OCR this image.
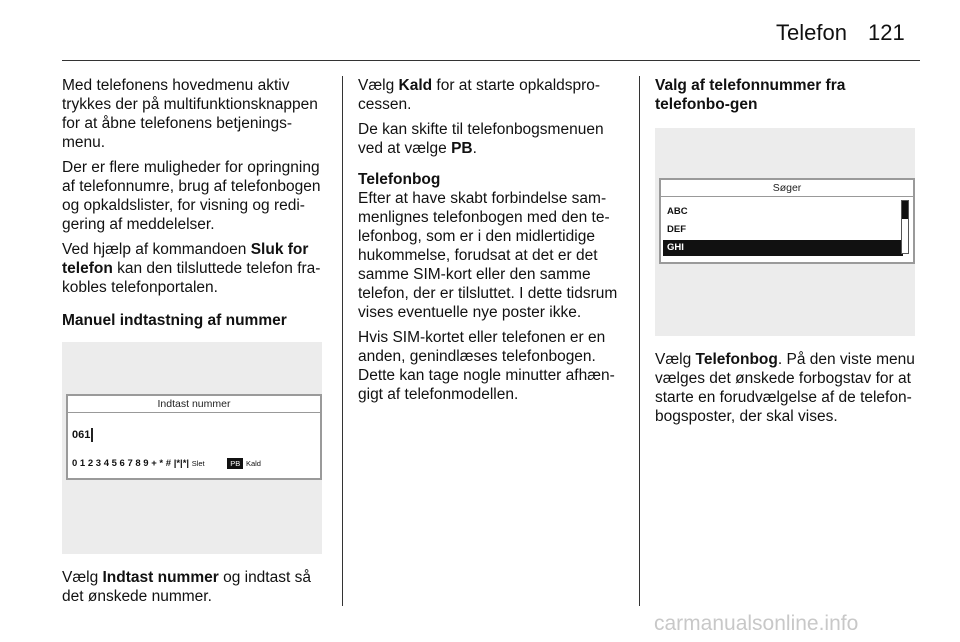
Telefon 121

Med telefonens hovedmenu aktiv trykkes der på multifunktionsknappen for at åbne telefonens betjenings-menu.

Der er flere muligheder for opringning af telefonnumre, brug af telefonbogen og opkaldslister, for visning og redi-gering af meddelelser.

Ved hjælp af kommandoen Sluk for telefon kan den tilsluttede telefon fra-kobles telefonportalen.

Manuel indtastning af nummer

Indtast nummer
061
0 1 2 3 4 5 6 7 8 9 + * # |*|*| Slet	PB Kald

Vælg Indtast nummer og indtast så det ønskede nummer.

Vælg Kald for at starte opkaldspro-cessen.

De kan skifte til telefonbogsmenuen ved at vælge PB.

Telefonbog

Efter at have skabt forbindelse sam-menlignes telefonbogen med den te-lefonbog, som er i den midlertidige hukommelse, forudsat at det er det samme SIM-kort eller den samme telefon, der er tilsluttet. I dette tidsrum vises eventuelle nye poster ikke.

Hvis SIM-kortet eller telefonen er en anden, genindlæses telefonbogen. Dette kan tage nogle minutter afhæn-gigt af telefonmodellen.

Valg af telefonnummer fra telefonbo-gen

Søger
ABC
DEF
GHI

Vælg Telefonbog. På den viste menu vælges det ønskede forbogstav for at starte en forudvælgelse af de telefon-bogsposter, der skal vises.

carmanualsonline.info
